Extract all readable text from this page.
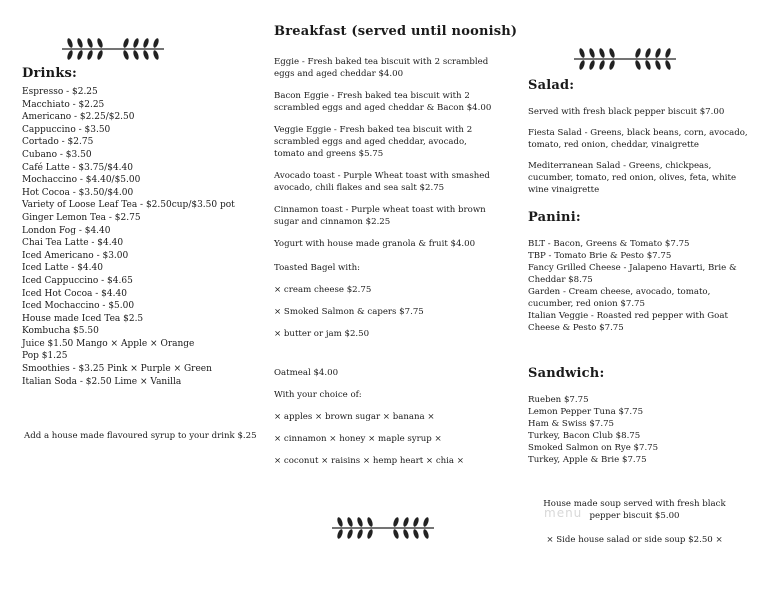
Drinks:
Espresso - $2.25
Macchiato - $2.25
Americano - $2.25/$2.50
Cappuccino - $3.50
Cortado - $2.75
Cubano - $3.50
Café Latte - $3.75/$4.40
Mochaccino - $4.40/$5.00
Hot Cocoa - $3.50/$4.00
Variety of Loose Leaf Tea - $2.50cup/$3.50 pot
Ginger Lemon Tea - $2.75
London Fog - $4.40
Chai Tea Latte - $4.40
Iced Americano - $3.00
Iced Latte - $4.40
Iced Cappuccino - $4.65
Iced Hot Cocoa - $4.40
Iced Mochaccino - $5.00
House made Iced Tea $2.5
Kombucha $5.50
Juice $1.50 Mango × Apple × Orange
Pop $1.25
Smoothies - $3.25 Pink × Purple × Green
Italian Soda - $2.50 Lime × Vanilla
Add a house made flavoured syrup to your drink $.25
Breakfast (served until noonish)

Eggie - Fresh baked tea biscuit with 2 scrambled eggs and aged cheddar $4.00

Bacon Eggie - Fresh baked tea biscuit with 2 scrambled eggs and aged cheddar & Bacon $4.00

Veggie Eggie - Fresh baked tea biscuit with 2 scrambled eggs and aged cheddar, avocado, tomato and greens $5.75

Avocado toast - Purple Wheat toast with smashed avocado, chili flakes and sea salt $2.75

Cinnamon toast - Purple wheat toast with brown sugar and cinnamon $2.25

Yogurt with house made granola & fruit $4.00

Toasted Bagel with:

× cream cheese $2.75

× Smoked Salmon & capers $7.75

× butter or jam $2.50

Oatmeal $4.00

With your choice of:

× apples × brown sugar × banana ×

× cinnamon × honey × maple syrup ×

× coconut × raisins × hemp heart × chia ×

Salad:

Served with fresh black pepper biscuit $7.00

Fiesta Salad - Greens, black beans, corn, avocado, tomato, red onion, cheddar, vinaigrette

Mediterranean Salad - Greens, chickpeas, cucumber, tomato, red onion, olives, feta, white wine vinaigrette

Panini:

BLT - Bacon, Greens & Tomato $7.75

TBP - Tomato Brie & Pesto $7.75

Fancy Grilled Cheese - Jalapeno Havarti, Brie & Cheddar $8.75

Garden - Cream cheese, avocado, tomato, cucumber, red onion $7.75

Italian Veggie - Roasted red pepper with Goat Cheese & Pesto $7.75

Sandwich:
Rueben $7.75
Lemon Pepper Tuna $7.75
Ham & Swiss $7.75
Turkey, Bacon Club $8.75
Smoked Salmon on Rye $7.75
Turkey, Apple & Brie $7.75
menu

House made soup served with fresh black pepper biscuit $5.00

× Side house salad or side soup $2.50 ×
